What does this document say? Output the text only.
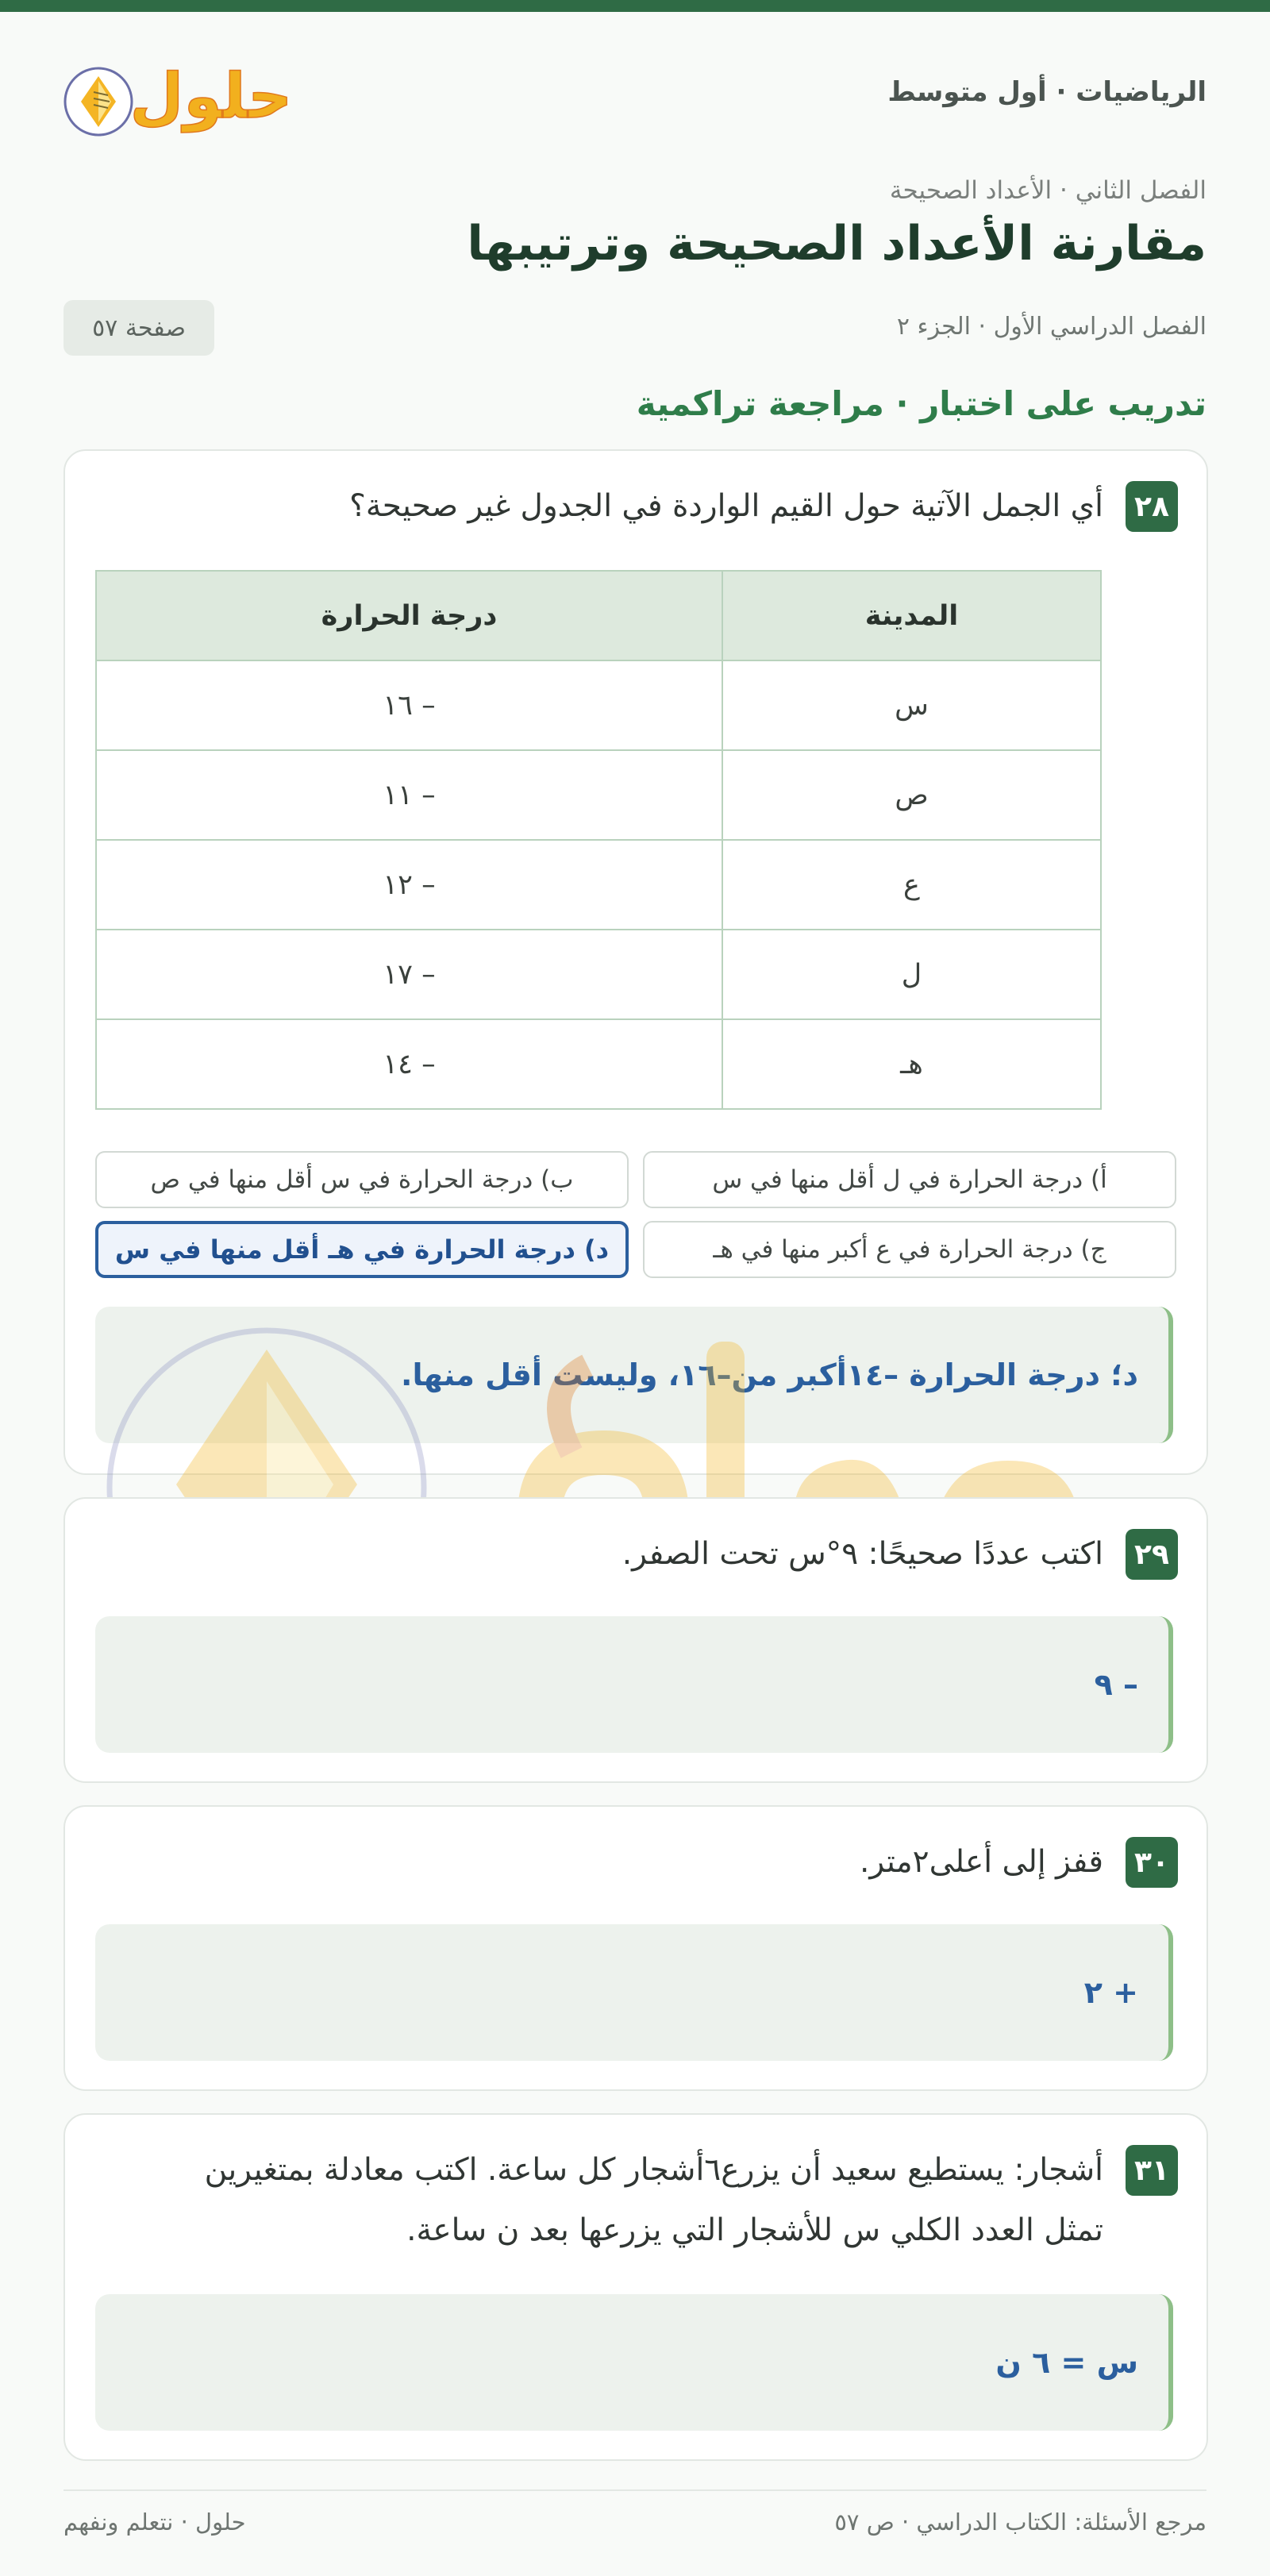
الرياضيات · أول متوسط
حلول
الفصل الثاني · الأعداد الصحيحة
مقارنة الأعداد الصحيحة وترتيبها
الفصل الدراسي الأول · الجزء ٢
صفحة ٥٧
تدريب على اختبار · مراجعة تراكمية
٢٨
أي الجمل الآتية حول القيم الواردة في الجدول غير صحيحة؟
المدينة	درجة الحرارة
س	– ١٦
ص	– ١١
ع	– ١٢
ل	– ١٧
هـ	– ١٤
أ) درجة الحرارة في ل أقل منها في س
ب) درجة الحرارة في س أقل منها في ص
ج) درجة الحرارة في ع أكبر منها في هـ
د) درجة الحرارة في هـ أقل منها في س
د؛ درجة الحرارة –١٤أكبر من–١٦، وليست أقل منها.
٢٩
اكتب عددًا صحيحًا: ٩°س تحت الصفر.
– ٩
٣٠
قفز إلى أعلى٢متر.
+ ٢
٣١
أشجار: يستطيع سعيد أن يزرع٦أشجار كل ساعة. اكتب معادلة بمتغيرين
تمثل العدد الكلي س للأشجار التي يزرعها بعد ن ساعة.
س = ٦ ن
مرجع الأسئلة: الكتاب الدراسي · ص ٥٧
حلول · نتعلم ونفهم
